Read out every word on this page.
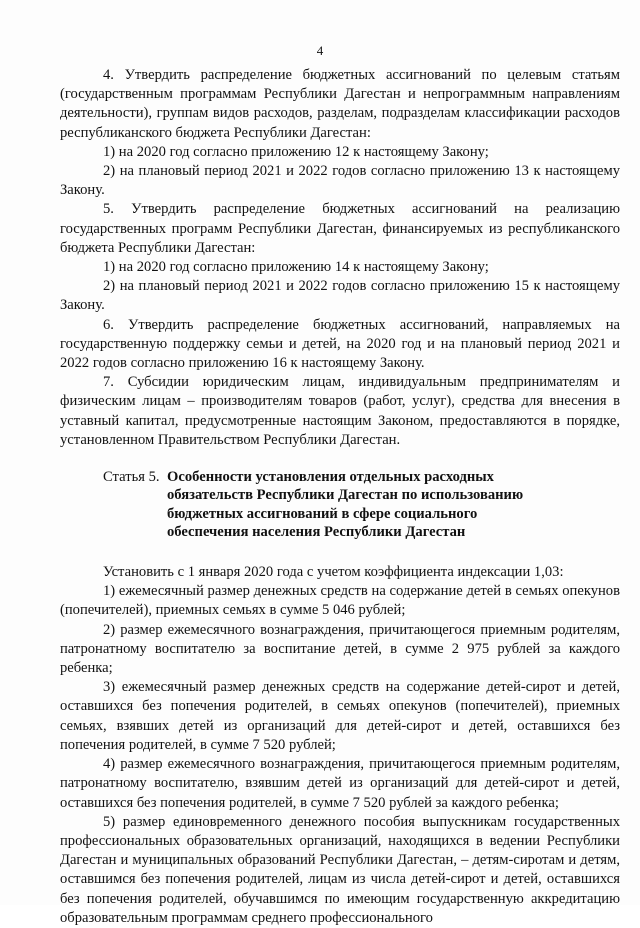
4

4. Утвердить распределение бюджетных ассигнований по целевым статьям (государственным программам Республики Дагестан и непрограммным направлениям деятельности), группам видов расходов, разделам, подразделам классификации расходов республиканского бюджета Республики Дагестан:

1) на 2020 год согласно приложению 12 к настоящему Закону;

2) на плановый период 2021 и 2022 годов согласно приложению 13 к настоящему Закону.

5. Утвердить распределение бюджетных ассигнований на реализацию государственных программ Республики Дагестан, финансируемых из республиканского бюджета Республики Дагестан:

1) на 2020 год согласно приложению 14 к настоящему Закону;

2) на плановый период 2021 и 2022 годов согласно приложению 15 к настоящему Закону.

6. Утвердить распределение бюджетных ассигнований, направляемых на государственную поддержку семьи и детей, на 2020 год и на плановый период 2021 и 2022 годов согласно приложению 16 к настоящему Закону.

7. Субсидии юридическим лицам, индивидуальным предпринимателям и физическим лицам – производителям товаров (работ, услуг), средства для внесения в уставный капитал, предусмотренные настоящим Законом, предоставляются в порядке, установленном Правительством Республики Дагестан.

Статья 5. Особенности установления отдельных расходных
обязательств Республики Дагестан по использованию
бюджетных ассигнований в сфере социального
обеспечения населения Республики Дагестан

Установить с 1 января 2020 года с учетом коэффициента индексации 1,03:

1) ежемесячный размер денежных средств на содержание детей в семьях опекунов (попечителей), приемных семьях в сумме 5 046 рублей;

2) размер ежемесячного вознаграждения, причитающегося приемным родителям, патронатному воспитателю за воспитание детей, в сумме 2 975 рублей за каждого ребенка;

3) ежемесячный размер денежных средств на содержание детей-сирот и детей, оставшихся без попечения родителей, в семьях опекунов (попечителей), приемных семьях, взявших детей из организаций для детей-сирот и детей, оставшихся без попечения родителей, в сумме 7 520 рублей;

4) размер ежемесячного вознаграждения, причитающегося приемным родителям, патронатному воспитателю, взявшим детей из организаций для детей-сирот и детей, оставшихся без попечения родителей, в сумме 7 520 рублей за каждого ребенка;

5) размер единовременного денежного пособия выпускникам государственных профессиональных образовательных организаций, находящихся в ведении Республики Дагестан и муниципальных образований Республики Дагестан, – детям-сиротам и детям, оставшимся без попечения родителей, лицам из числа детей-сирот и детей, оставшихся без попечения родителей, обучавшимся по имеющим государственную аккредитацию образовательным программам среднего профессионального
